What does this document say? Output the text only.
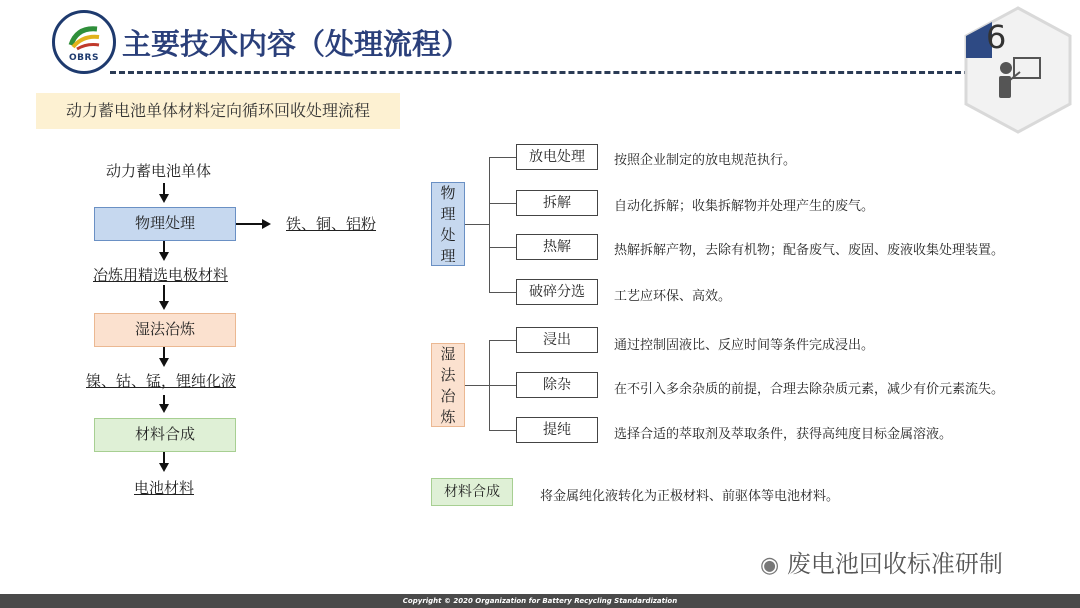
OBRS 主要技术内容（处理流程）	6
动力蓄电池单体材料定向循环回收处理流程
动力蓄电池单体
物理处理	铁、铜、铝粉
冶炼用精选电极材料
湿法冶炼
镍、钴、锰，锂纯化液
材料合成
电池材料
物理处理
放电处理	按照企业制定的放电规范执行。
拆解	自动化拆解；收集拆解物并处理产生的废气。
热解	热解拆解产物，去除有机物；配备废气、废固、废液收集处理装置。
破碎分选	工艺应环保、高效。
湿法冶炼
浸出	通过控制固液比、反应时间等条件完成浸出。
除杂	在不引入多余杂质的前提，合理去除杂质元素，减少有价元素流失。
提纯	选择合适的萃取剂及萃取条件，获得高纯度目标金属溶液。
材料合成	将金属纯化液转化为正极材料、前驱体等电池材料。
◉ 废电池回收标准研制
Copyright © 2020 Organization for Battery Recycling Standardization
